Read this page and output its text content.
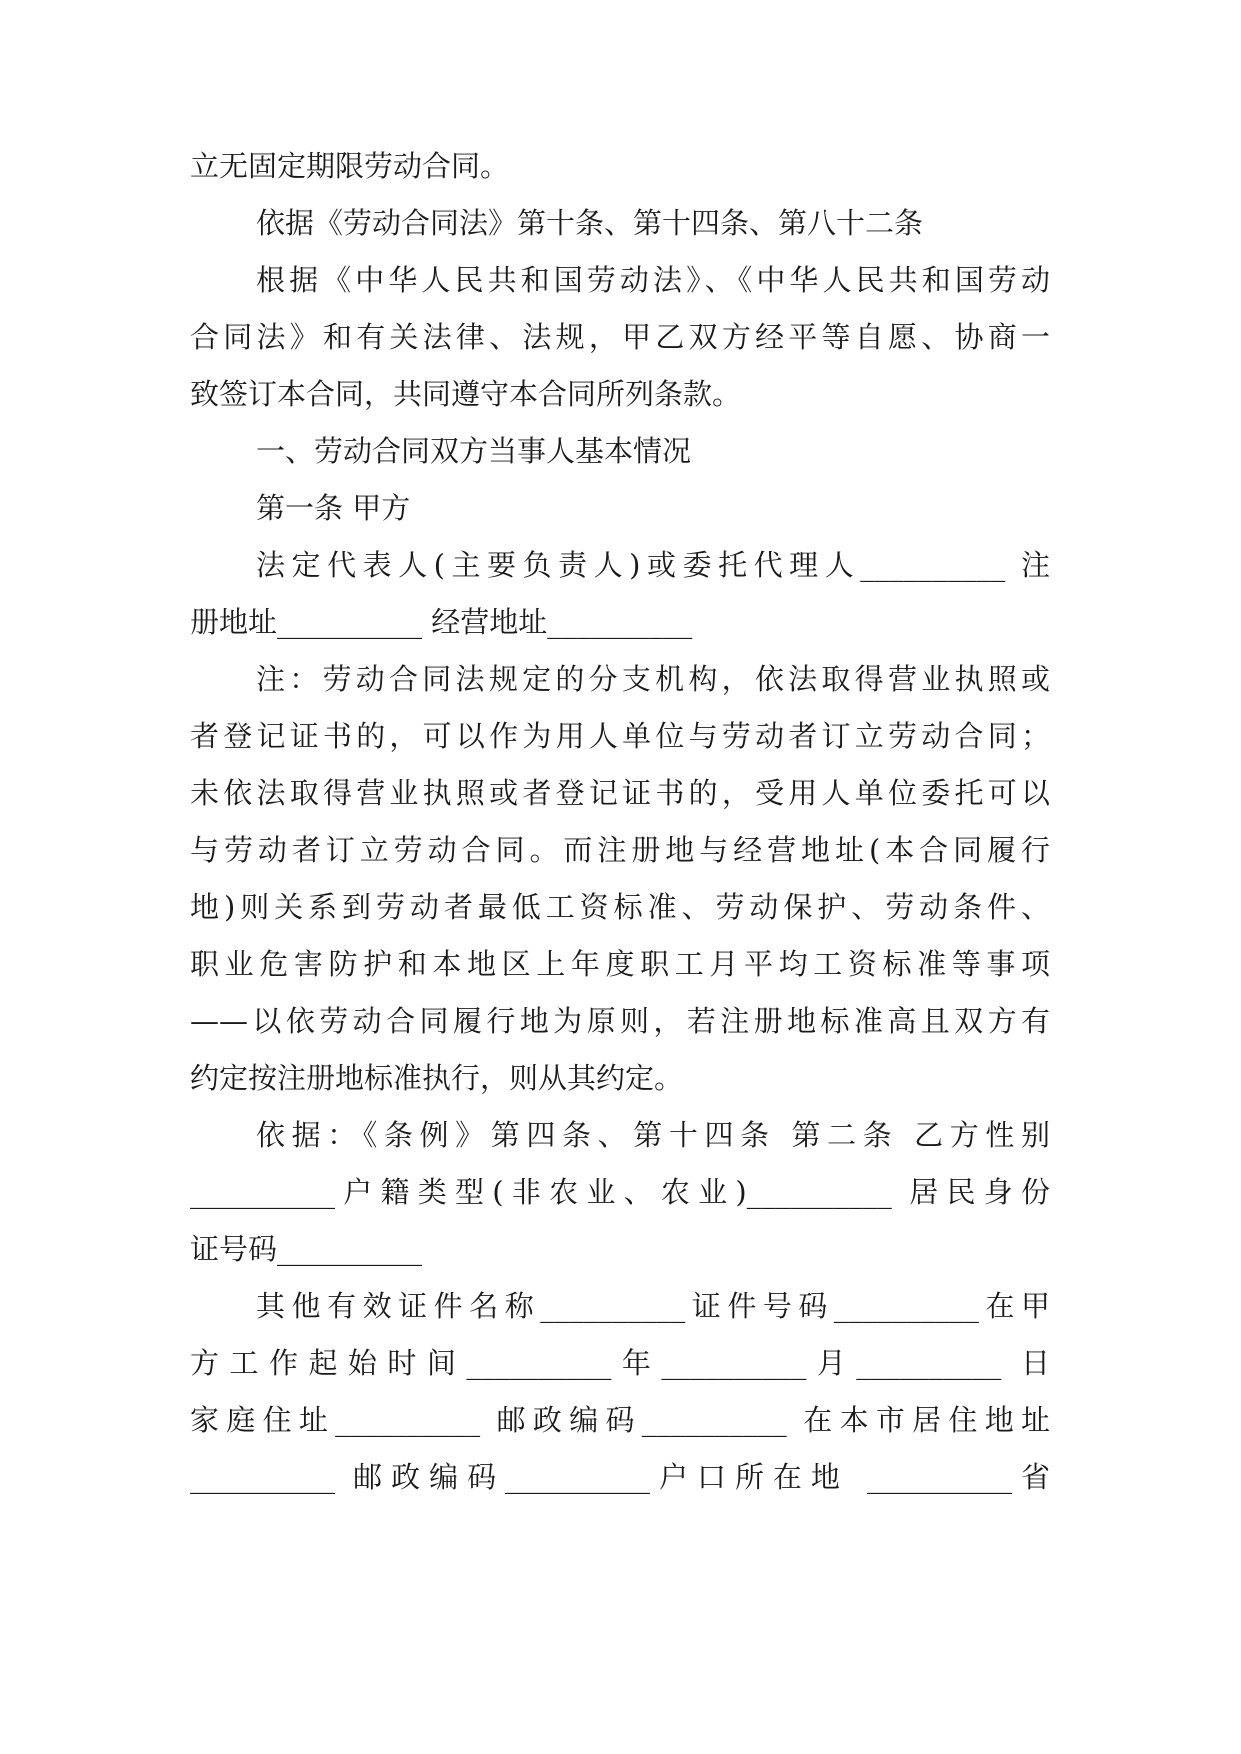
立无固定期限劳动合同。
依据《劳动合同法》第十条、第十四条、第八十二条
根据《中华人民共和国劳动法》、《中华人民共和国劳动
合同法》和有关法律、法规，甲乙双方经平等自愿、协商一
致签订本合同，共同遵守本合同所列条款。
一、劳动合同双方当事人基本情况
第一条 甲方
法定代表人(主要负责人)或委托代理人__________ 注
册地址__________ 经营地址__________
注：劳动合同法规定的分支机构，依法取得营业执照或
者登记证书的，可以作为用人单位与劳动者订立劳动合同；
未依法取得营业执照或者登记证书的，受用人单位委托可以
与劳动者订立劳动合同。而注册地与经营地址(本合同履行
地)则关系到劳动者最低工资标准、劳动保护、劳动条件、
职业危害防护和本地区上年度职工月平均工资标准等事项
——以依劳动合同履行地为原则，若注册地标准高且双方有
约定按注册地标准执行，则从其约定。
依据：《条例》第四条、第十四条 第二条 乙方性别
__________户籍类型(非农业、农业)__________ 居民身份
证号码__________
其他有效证件名称__________证件号码__________在甲
方工作起始时间__________年__________月__________ 日
家庭住址__________ 邮政编码__________ 在本市居住地址
__________ 邮政编码__________户口所在地 __________省
